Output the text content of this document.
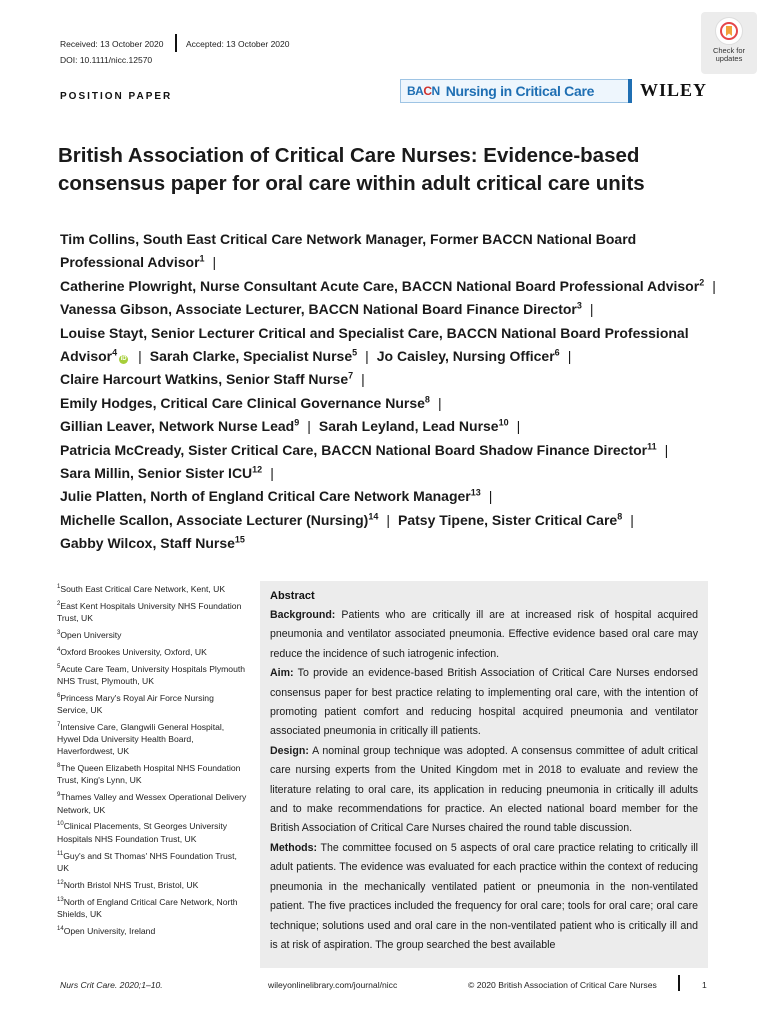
Received: 13 October 2020	Accepted: 13 October 2020
DOI: 10.1111/nicc.12570
Check for
updates
POSITION PAPER	BACN Nursing in Critical Care	WILEY
British Association of Critical Care Nurses: Evidence-based consensus paper for oral care within adult critical care units
Tim Collins, South East Critical Care Network Manager, Former BACCN National Board
Professional Advisor$^1$ |
Catherine Plowright, Nurse Consultant Acute Care, BACCN National Board Professional Advisor$^2$ |
Vanessa Gibson, Associate Lecturer, BACCN National Board Finance Director$^3$ |
Louise Stayt, Senior Lecturer Critical and Specialist Care, BACCN National Board Professional
Advisor$^4$iD | Sarah Clarke, Specialist Nurse$^5$ | Jo Caisley, Nursing Officer$^6$ |
Claire Harcourt Watkins, Senior Staff Nurse$^7$ |
Emily Hodges, Critical Care Clinical Governance Nurse$^8$ |
Gillian Leaver, Network Nurse Lead$^9$ | Sarah Leyland, Lead Nurse$^{10}$ |
Patricia McCready, Sister Critical Care, BACCN National Board Shadow Finance Director$^{11}$ |
Sara Millin, Senior Sister ICU$^{12}$ |
Julie Platten, North of England Critical Care Network Manager$^{13}$ |
Michelle Scallon, Associate Lecturer $(Nursing)^{14}$ | Patsy Tipene, Sister Critical Care$^8$ |
Gabby Wilcox, Staff Nurse$^{15}$
$^1$South East Critical Care Network, Kent, UK
$^2$East Kent Hospitals University NHS Foundation Trust, UK
$^3$Open University
$^4$Oxford Brookes University, Oxford, UK
$^5$Acute Care Team, University Hospitals Plymouth NHS Trust, Plymouth, UK
$^6$Princess Mary's Royal Air Force Nursing Service, UK
$^7$Intensive Care, Glangwili General Hospital, Hywel Dda University Health Board, Haverfordwest, UK
$^8$The Queen Elizabeth Hospital NHS Foundation Trust, King's Lynn, UK
$^9$Thames Valley and Wessex Operational Delivery Network, UK
$^{10}$Clinical Placements, St Georges University Hospitals NHS Foundation Trust, UK
$^{11}$Guy's and St Thomas' NHS Foundation Trust, UK
$^{12}$North Bristol NHS Trust, Bristol, UK
$^{13}$North of England Critical Care Network, North Shields, UK
$^{14}$Open University, Ireland
Abstract
Background: Patients who are critically ill are at increased risk of hospital acquired pneumonia and ventilator associated pneumonia. Effective evidence based oral care may reduce the incidence of such iatrogenic infection.
Aim: To provide an evidence-based British Association of Critical Care Nurses endorsed consensus paper for best practice relating to implementing oral care, with the intention of promoting patient comfort and reducing hospital acquired pneumonia and ventilator associated pneumonia in critically ill patients.
Design: A nominal group technique was adopted. A consensus committee of adult critical care nursing experts from the United Kingdom met in 2018 to evaluate and review the literature relating to oral care, its application in reducing pneumonia in critically ill adults and to make recommendations for practice. An elected national board member for the British Association of Critical Care Nurses chaired the round table discussion.
Methods: The committee focused on 5 aspects of oral care practice relating to critically ill adult patients. The evidence was evaluated for each practice within the context of reducing pneumonia in the mechanically ventilated patient or pneumonia in the non-ventilated patient. The five practices included the frequency for oral care; tools for oral care; oral care technique; solutions used and oral care in the non-ventilated patient who is critically ill and is at risk of aspiration. The group searched the best available
Nurs Crit Care. 2020;1–10.	wileyonlinelibrary.com/journal/nicc	© 2020 British Association of Critical Care Nurses	1
